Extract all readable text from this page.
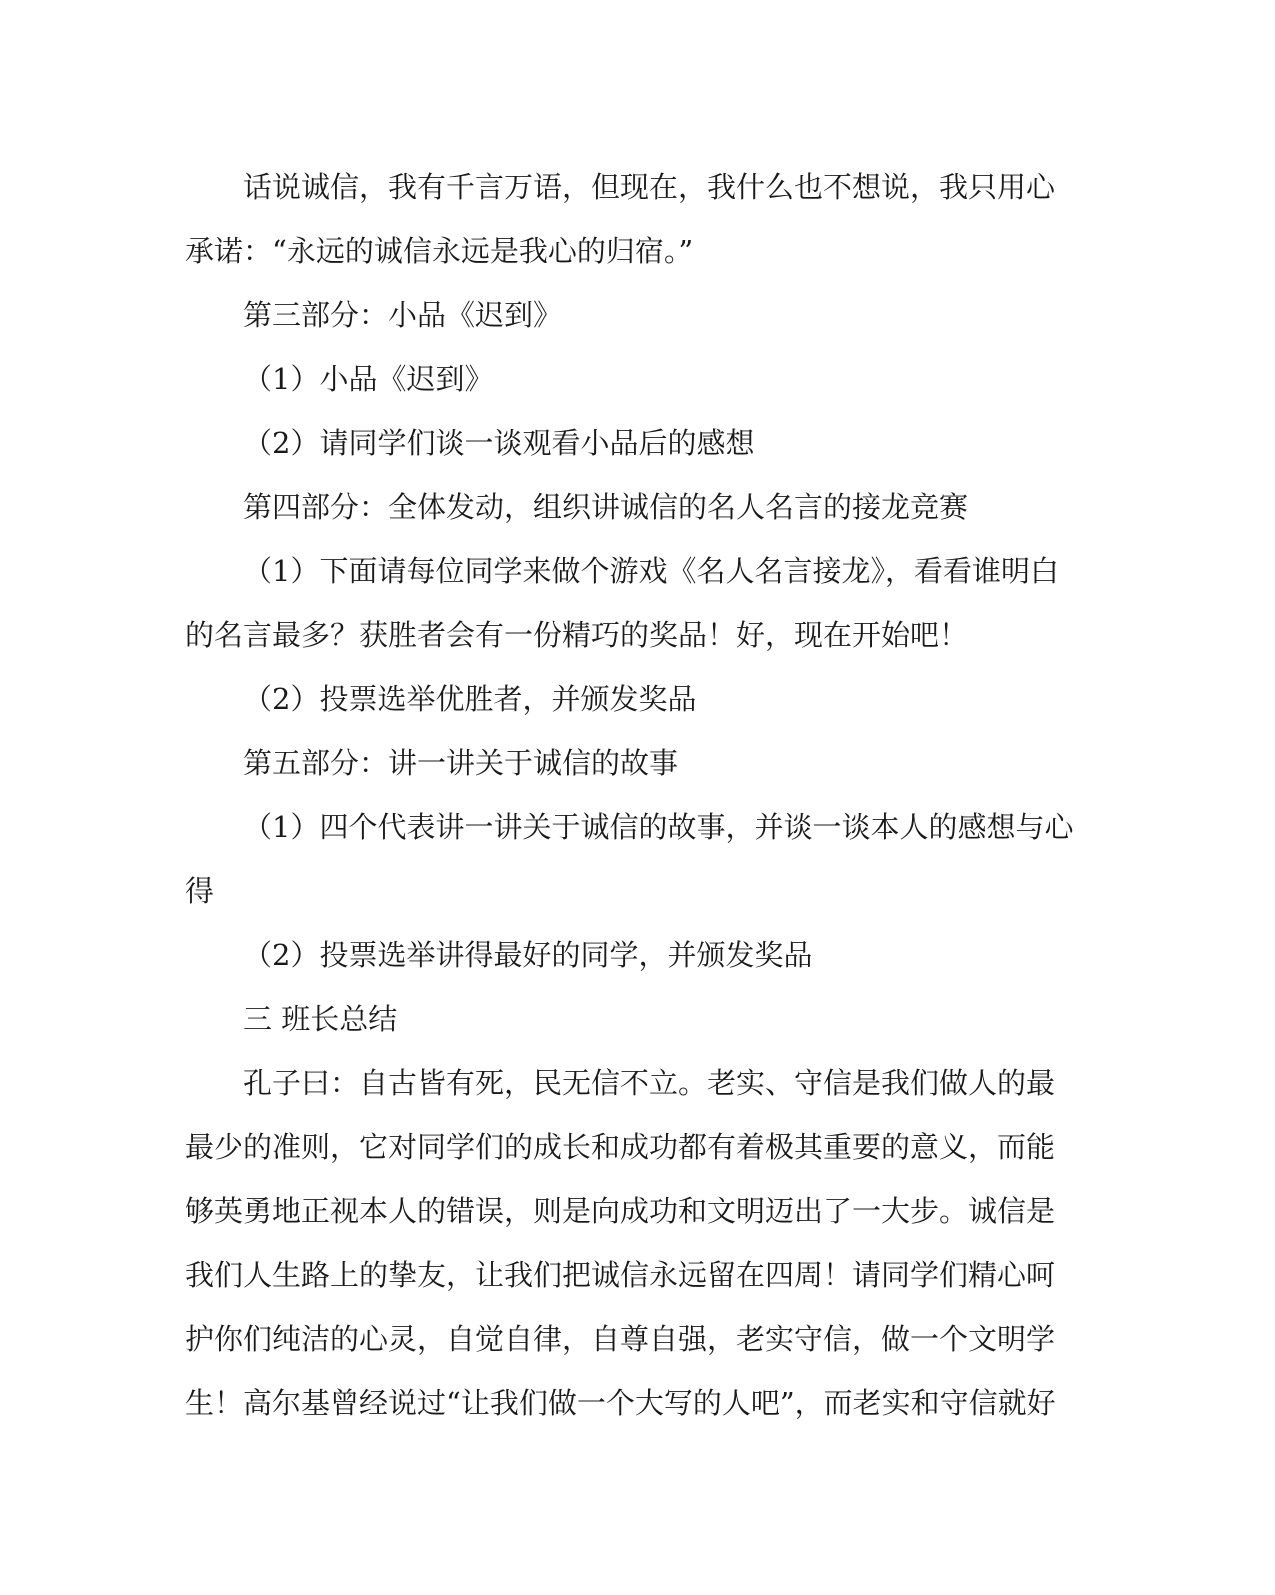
话说诚信，我有千言万语，但现在，我什么也不想说，我只用心
承诺：“永远的诚信永远是我心的归宿。”
第三部分：小品《迟到》
（1）小品《迟到》
（2）请同学们谈一谈观看小品后的感想
第四部分：全体发动，组织讲诚信的名人名言的接龙竞赛
（1）下面请每位同学来做个游戏《名人名言接龙》，看看谁明白
的名言最多？获胜者会有一份精巧的奖品！好，现在开始吧！
（2）投票选举优胜者，并颁发奖品
第五部分：讲一讲关于诚信的故事
（1）四个代表讲一讲关于诚信的故事，并谈一谈本人的感想与心
得
（2）投票选举讲得最好的同学，并颁发奖品
三 班长总结
孔子曰：自古皆有死，民无信不立。老实、守信是我们做人的最
最少的准则，它对同学们的成长和成功都有着极其重要的意义，而能
够英勇地正视本人的错误，则是向成功和文明迈出了一大步。诚信是
我们人生路上的挚友，让我们把诚信永远留在四周！请同学们精心呵
护你们纯洁的心灵，自觉自律，自尊自强，老实守信，做一个文明学
生！高尔基曾经说过“让我们做一个大写的人吧”，而老实和守信就好
